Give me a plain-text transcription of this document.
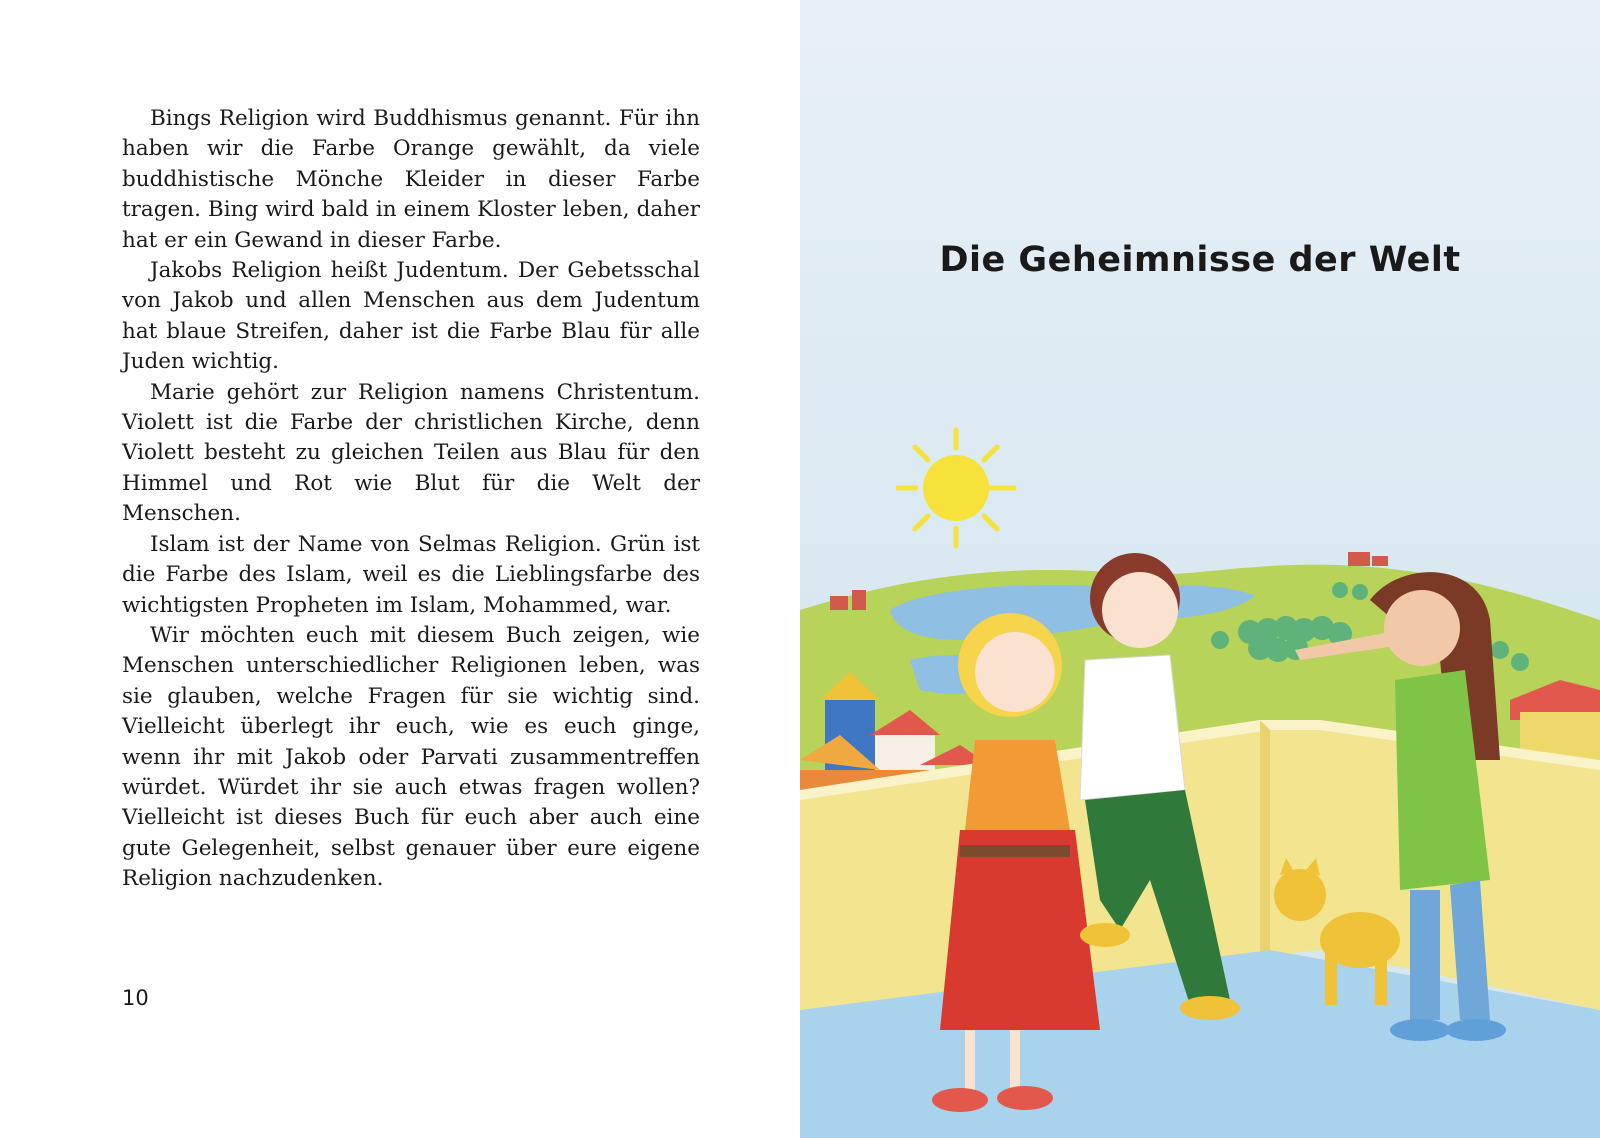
Bings Religion wird Buddhismus genannt. Für ihn haben wir die Farbe Orange gewählt, da viele buddhistische Mönche Kleider in dieser Farbe tragen. Bing wird bald in einem Kloster leben, daher hat er ein Gewand in dieser Farbe.

Jakobs Religion heißt Judentum. Der Gebetsschal von Jakob und allen Menschen aus dem Judentum hat blaue Streifen, daher ist die Farbe Blau für alle Juden wichtig.

Marie gehört zur Religion namens Christentum. Violett ist die Farbe der christlichen Kirche, denn Violett besteht zu gleichen Teilen aus Blau für den Himmel und Rot wie Blut für die Welt der Menschen.

Islam ist der Name von Selmas Religion. Grün ist die Farbe des Islam, weil es die Lieblingsfarbe des wichtigsten Propheten im Islam, Mohammed, war.

Wir möchten euch mit diesem Buch zeigen, wie Menschen unterschiedlicher Religionen leben, was sie glauben, welche Fragen für sie wichtig sind. Vielleicht überlegt ihr euch, wie es euch ginge, wenn ihr mit Jakob oder Parvati zusammentreffen würdet. Würdet ihr sie auch etwas fragen wollen? Vielleicht ist dieses Buch für euch aber auch eine gute Gelegenheit, selbst genauer über eure eigene Religion nachzudenken.

10
Die Geheimnisse der Welt
